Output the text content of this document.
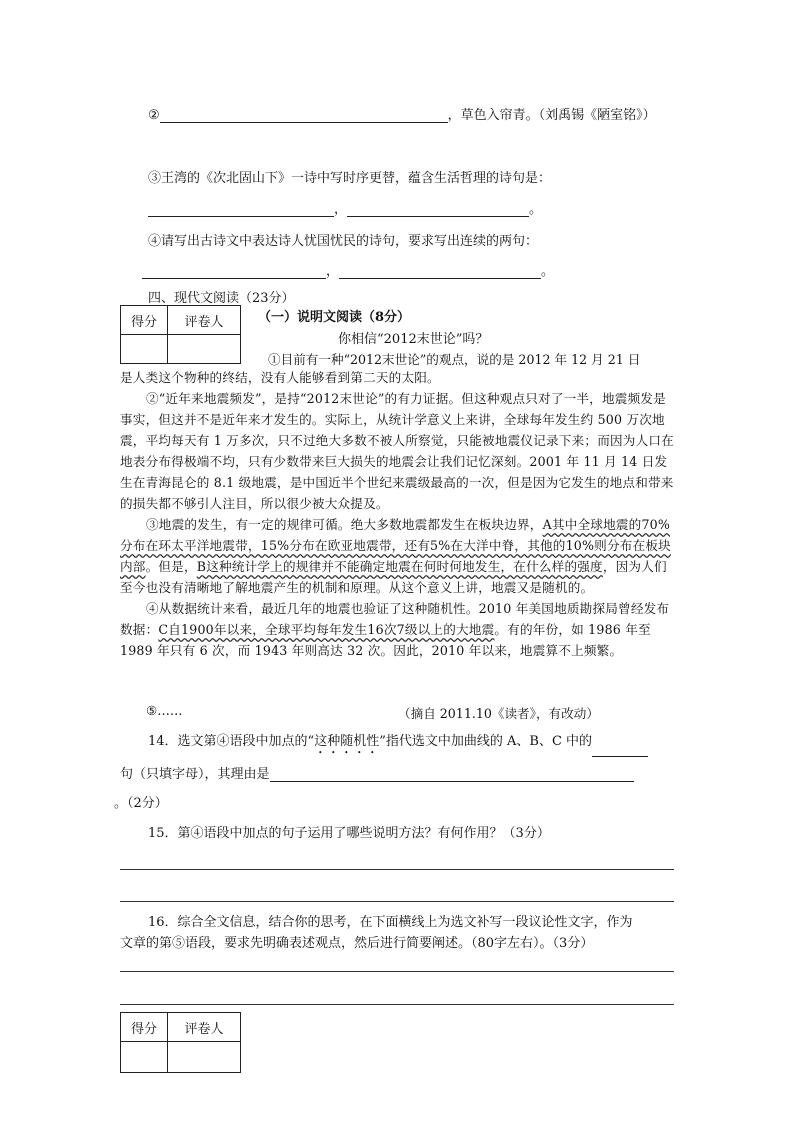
②	，草色入帘青。（刘禹锡《陋室铭》）
③王湾的《次北固山下》一诗中写时序更替，蕴含生活哲理的诗句是：
，	。
④请写出古诗文中表达诗人忧国忧民的诗句，要求写出连续的两句：
，	。
四、现代文阅读（23分）
得分	评卷人
		（一）说明文阅读（8分）
你相信“2012末世论”吗？
①目前有一种“2012末世论”的观点，说的是 2012 年 12 月 21 日

是人类这个物种的终结，没有人能够看到第二天的太阳。

②“近年来地震频发”，是持“2012末世论”的有力证据。但这种观点只对了一半，地震频发是事实，但这并不是近年来才发生的。实际上，从统计学意义上来讲，全球每年发生约 500 万次地震，平均每天有 1 万多次，只不过绝大多数不被人所察觉，只能被地震仪记录下来；而因为人口在地表分布得极端不均，只有少数带来巨大损失的地震会让我们记忆深刻。2001 年 11 月 14 日发生在青海昆仑的 8.1 级地震，是中国近半个世纪来震级最高的一次，但是因为它发生的地点和带来的损失都不够引人注目，所以很少被大众提及。

③地震的发生，有一定的规律可循。绝大多数地震都发生在板块边界，A其中全球地震的70%分布在环太平洋地震带，15%分布在欧亚地震带，还有5%在大洋中脊，其他的10%则分布在板块内部。但是，B这种统计学上的规律并不能确定地震在何时何地发生，在什么样的强度，因为人们至今也没有清晰地了解地震产生的机制和原理。从这个意义上讲，地震又是随机的。

④从数据统计来看，最近几年的地震也验证了这种随机性。2010 年美国地质勘探局曾经发布数据：C自1900年以来，全球平均每年发生16次7级以上的大地震。有的年份，如 1986 年至 1989 年只有 6 次，而 1943 年则高达 32 次。因此，2010 年以来，地震算不上频繁。

⑤……	（摘自 2011.10《读者》，有改动）
14．选文第④语段中加点的“这种随机性”指代选文中加曲线的 A、B、C 中的
句（只填字母），其理由是
。（2分）
15．第④语段中加点的句子运用了哪些说明方法？有何作用？（3分）
16．综合全文信息，结合你的思考，在下面横线上为选文补写一段议论性文字，作为
文章的第⑤语段，要求先明确表述观点，然后进行简要阐述。（80字左右）。（3分）
得分	评卷人
